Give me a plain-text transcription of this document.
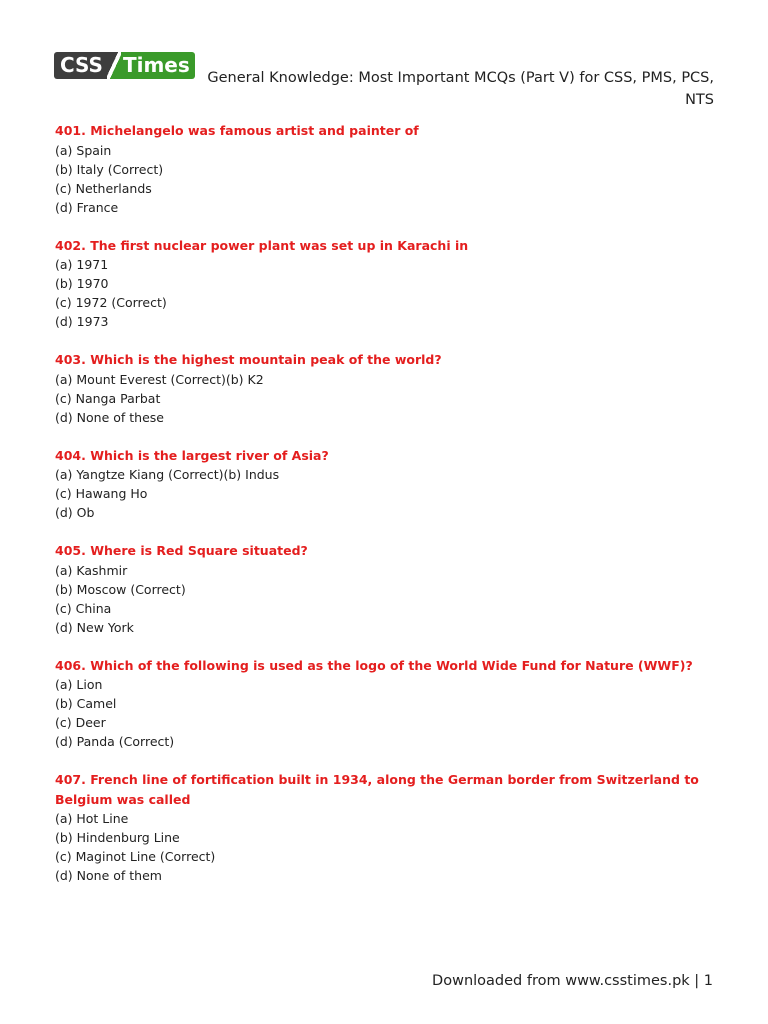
CSS Times
General Knowledge: Most Important MCQs (Part V) for CSS, PMS, PCS,
NTS

401. Michelangelo was famous artist and painter of

(a) Spain
(b) Italy (Correct)
(c) Netherlands
(d) France

402. The first nuclear power plant was set up in Karachi in

(a) 1971
(b) 1970
(c) 1972 (Correct)
(d) 1973

403. Which is the highest mountain peak of the world?

(a) Mount Everest (Correct)(b) K2
(c) Nanga Parbat
(d) None of these

404. Which is the largest river of Asia?

(a) Yangtze Kiang (Correct)(b) Indus
(c) Hawang Ho
(d) Ob

405. Where is Red Square situated?

(a) Kashmir
(b) Moscow (Correct)
(c) China
(d) New York

406. Which of the following is used as the logo of the World Wide Fund for Nature (WWF)?

(a) Lion
(b) Camel
(c) Deer
(d) Panda (Correct)

407. French line of fortification built in 1934, along the German border from Switzerland to Belgium was called

(a) Hot Line
(b) Hindenburg Line
(c) Maginot Line (Correct)
(d) None of them
Downloaded from www.csstimes.pk | 1
